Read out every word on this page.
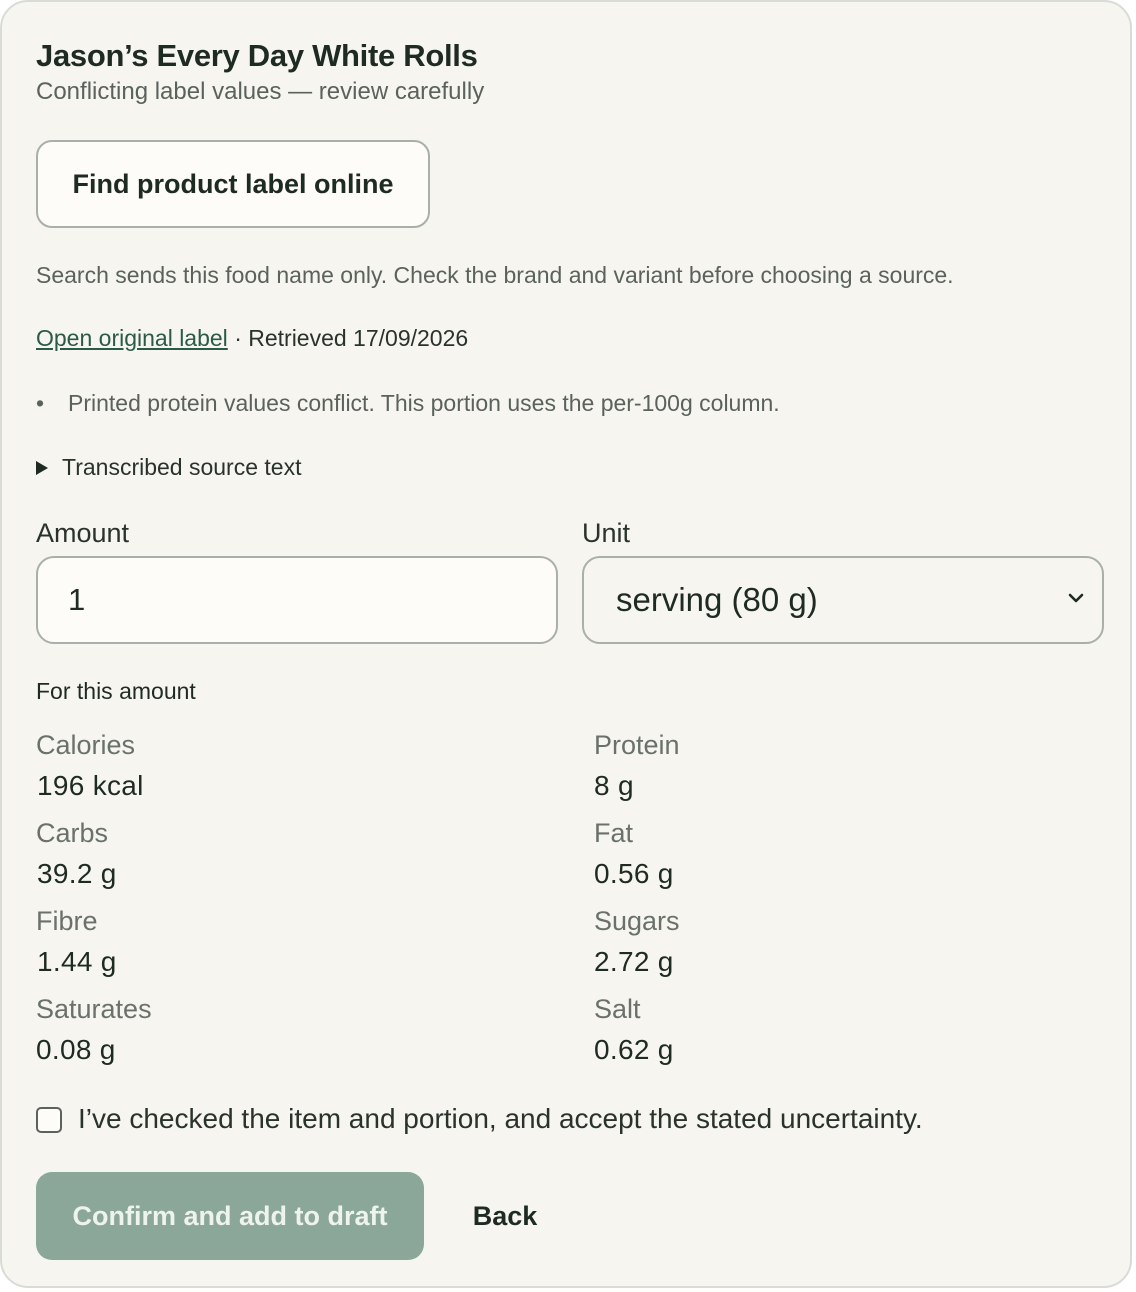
Jason’s Every Day White Rolls
Conflicting label values — review carefully
Find product label online
Search sends this food name only. Check the brand and variant before choosing a source.
Open original label · Retrieved 17/09/2026
• Printed protein values conflict. This portion uses the per-100g column.
Transcribed source text
Amount	Unit
1
serving (80 g)
For this amount
Calories
196 kcal
Protein
8 g
Carbs
39.2 g
Fat
0.56 g
Fibre
1.44 g
Sugars
2.72 g
Saturates
0.08 g
Salt
0.62 g
I’ve checked the item and portion, and accept the stated uncertainty.
Confirm and add to draft	Back
